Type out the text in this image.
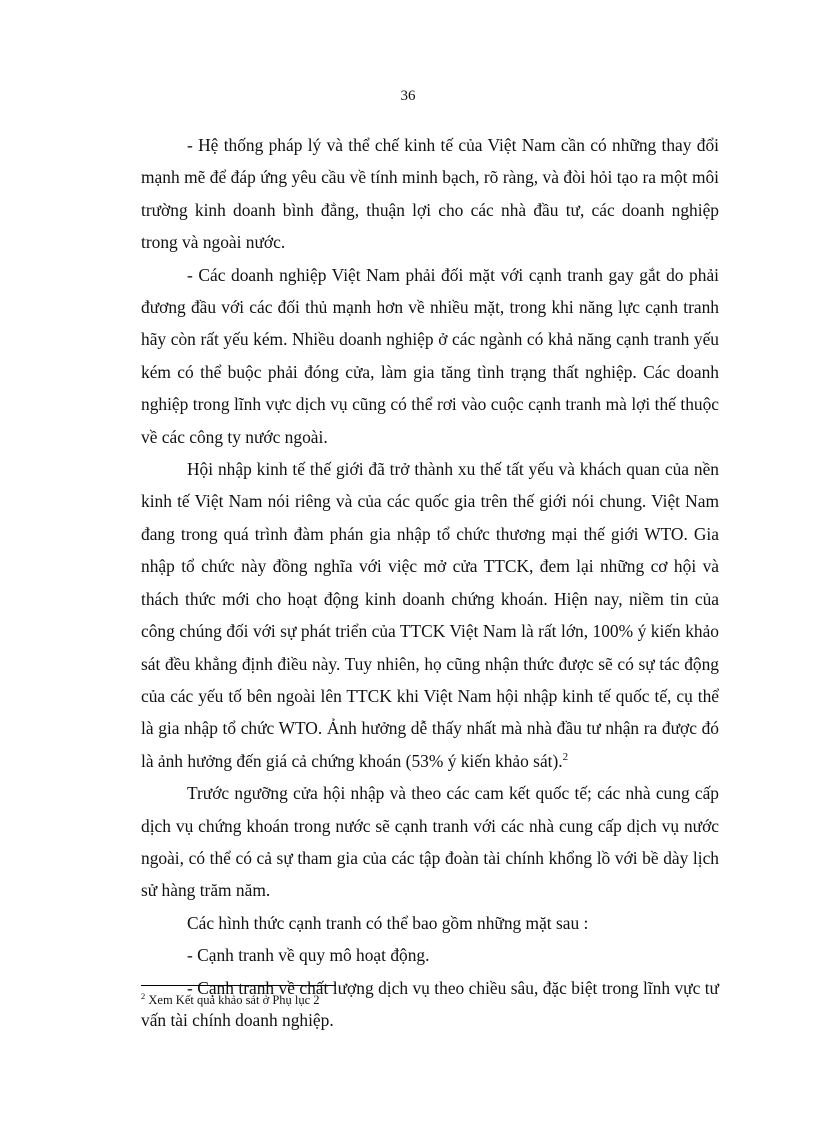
36

- Hệ thống pháp lý và thể chế kinh tế của Việt Nam cần có những thay đổi mạnh mẽ để đáp ứng yêu cầu về tính minh bạch, rõ ràng, và đòi hỏi tạo ra một môi trường kinh doanh bình đẳng, thuận lợi cho các nhà đầu tư, các doanh nghiệp trong và ngoài nước.

- Các doanh nghiệp Việt Nam phải đối mặt với cạnh tranh gay gắt do phải đương đầu với các đối thủ mạnh hơn về nhiều mặt, trong khi năng lực cạnh tranh hãy còn rất yếu kém. Nhiều doanh nghiệp ở các ngành có khả năng cạnh tranh yếu kém có thể buộc phải đóng cửa, làm gia tăng tình trạng thất nghiệp. Các doanh nghiệp trong lĩnh vực dịch vụ cũng có thể rơi vào cuộc cạnh tranh mà lợi thế thuộc về các công ty nước ngoài.

Hội nhập kinh tế thế giới đã trở thành xu thế tất yếu và khách quan của nền kinh tế Việt Nam nói riêng và của các quốc gia trên thế giới nói chung. Việt Nam đang trong quá trình đàm phán gia nhập tổ chức thương mại thế giới WTO. Gia nhập tổ chức này đồng nghĩa với việc mở cửa TTCK, đem lại những cơ hội và thách thức mới cho hoạt động kinh doanh chứng khoán. Hiện nay, niềm tin của công chúng đối với sự phát triển của TTCK Việt Nam là rất lớn, 100% ý kiến khảo sát đều khẳng định điều này. Tuy nhiên, họ cũng nhận thức được sẽ có sự tác động của các yếu tố bên ngoài lên TTCK khi Việt Nam hội nhập kinh tế quốc tế, cụ thể là gia nhập tổ chức WTO. Ảnh hưởng dễ thấy nhất mà nhà đầu tư nhận ra được đó là ảnh hưởng đến giá cả chứng khoán (53% ý kiến khảo sát).$^2$

Trước ngưỡng cửa hội nhập và theo các cam kết quốc tế; các nhà cung cấp dịch vụ chứng khoán trong nước sẽ cạnh tranh với các nhà cung cấp dịch vụ nước ngoài, có thể có cả sự tham gia của các tập đoàn tài chính khổng lồ với bề dày lịch sử hàng trăm năm.

Các hình thức cạnh tranh có thể bao gồm những mặt sau :

- Cạnh tranh về quy mô hoạt động.

- Cạnh tranh về chất lượng dịch vụ theo chiều sâu, đặc biệt trong lĩnh vực tư vấn tài chính doanh nghiệp.

$^2$ Xem Kết quả khảo sát ở Phụ lục 2
